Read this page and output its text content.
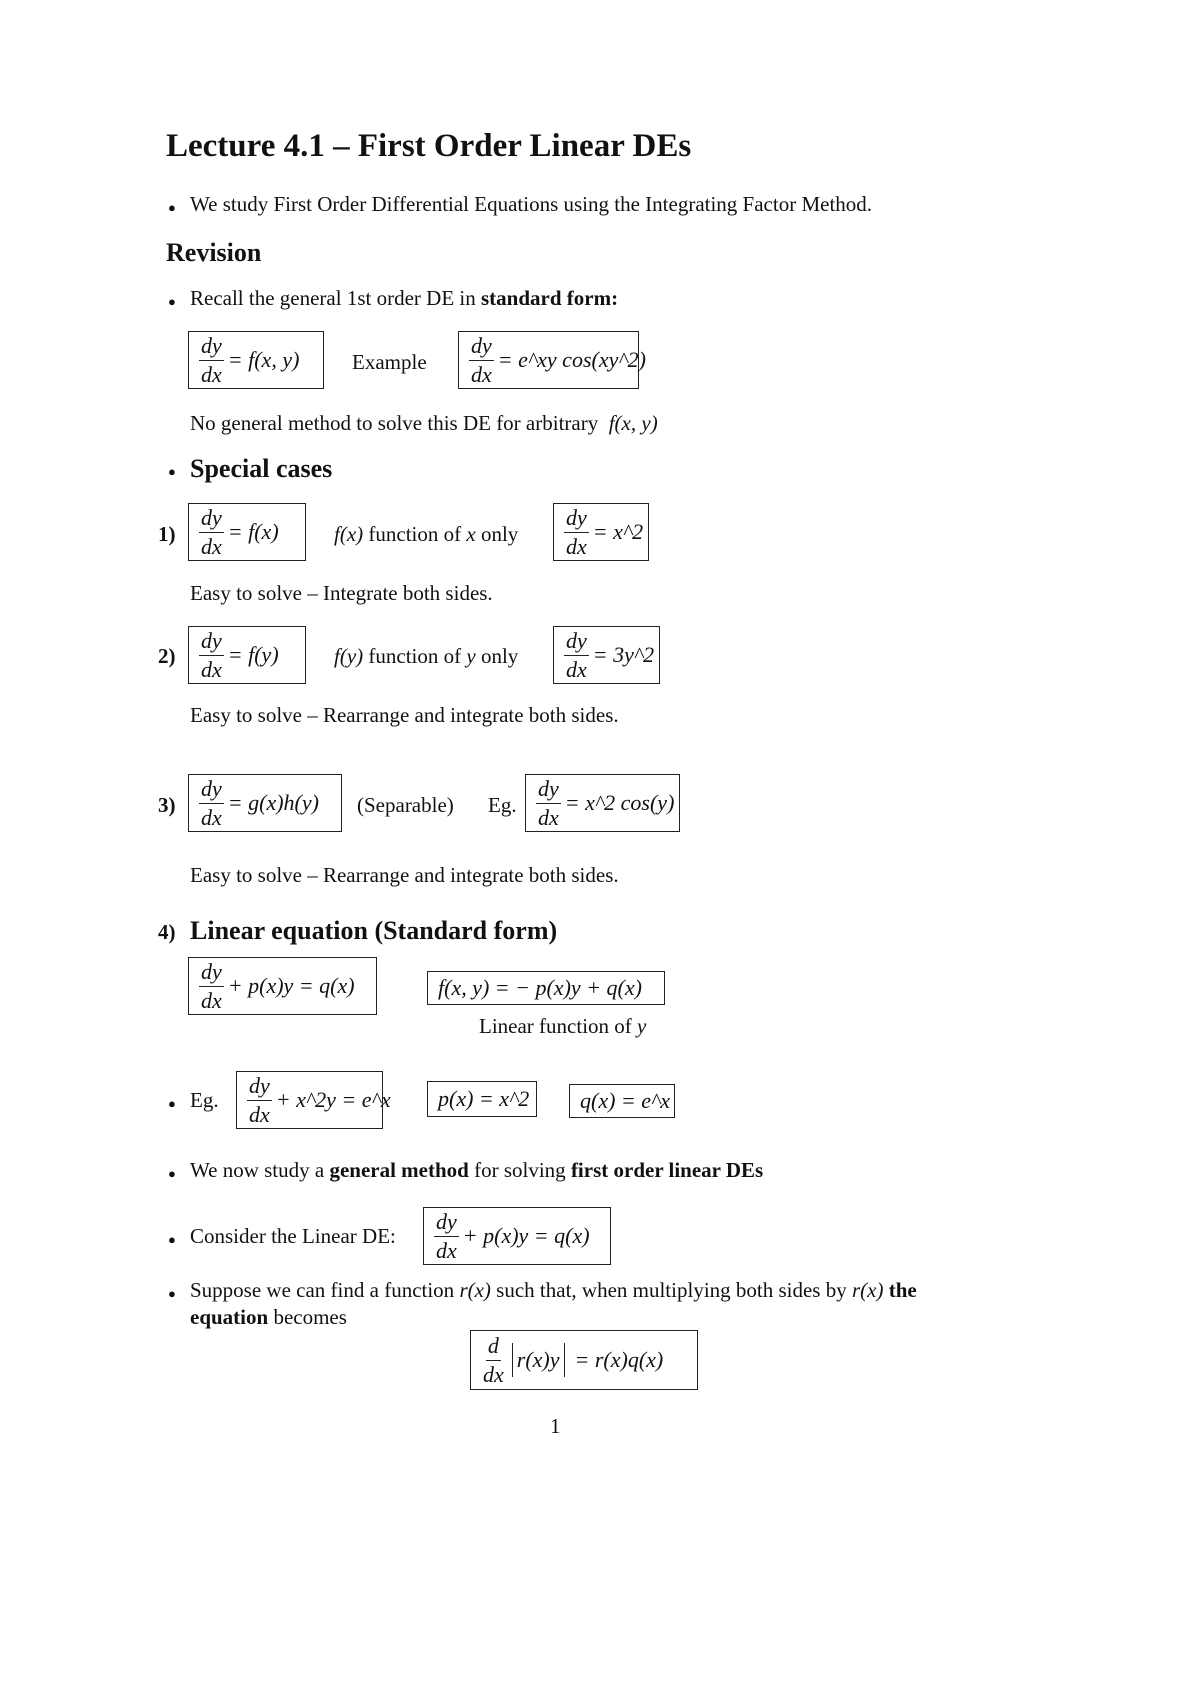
Lecture 4.1 – First Order Linear DEs
● We study First Order Differential Equations using the Integrating Factor Method.
Revision
● Recall the general 1st order DE in standard form:
$\frac{dy}{dx} = f(x$, y)	Example $\frac{dy}{dx}$ = e^xy cos(xy^2)
No general method to solve this DE for arbitrary f(x, y)
● Special cases
$1) \frac{dy}{dx} = f(x)$	f(x) function of x only $\frac{dy}{dx}$ = x^2
Easy to solve – Integrate both sides.
$2) \frac{dy}{dx} = f(y)$	f(y) function of y only $\frac{dy}{dx}$ = 3y^2
Easy to solve – Rearrange and integrate both sides.
$3) \frac{dy}{dx} = g(x)h(y)$ (Separable) Eg. $\frac{dy}{dx}$ = x^2 cos(y)
Easy to solve – Rearrange and integrate both sides.
4) Linear equation (Standard form)
$\frac{dy}{dx} + p(x)y = q(x)$	f(x, y) = − p(x)y + q(x)
Linear function of y
● Eg. $\frac{dy}{dx}$ + x^2y = e^x p(x) = x^2 q(x) = e^x
● We now study a general method for solving first order linear DEs
● Consider the Linear DE: $\frac{dy}{dx} + p(x)y = q(x)$
● Suppose we can find a function r(x) such that, when multiplying both sides by r(x) the
equation becomes
$\frac{d}{dx} r(x)y = r(x)q(x)$
1
